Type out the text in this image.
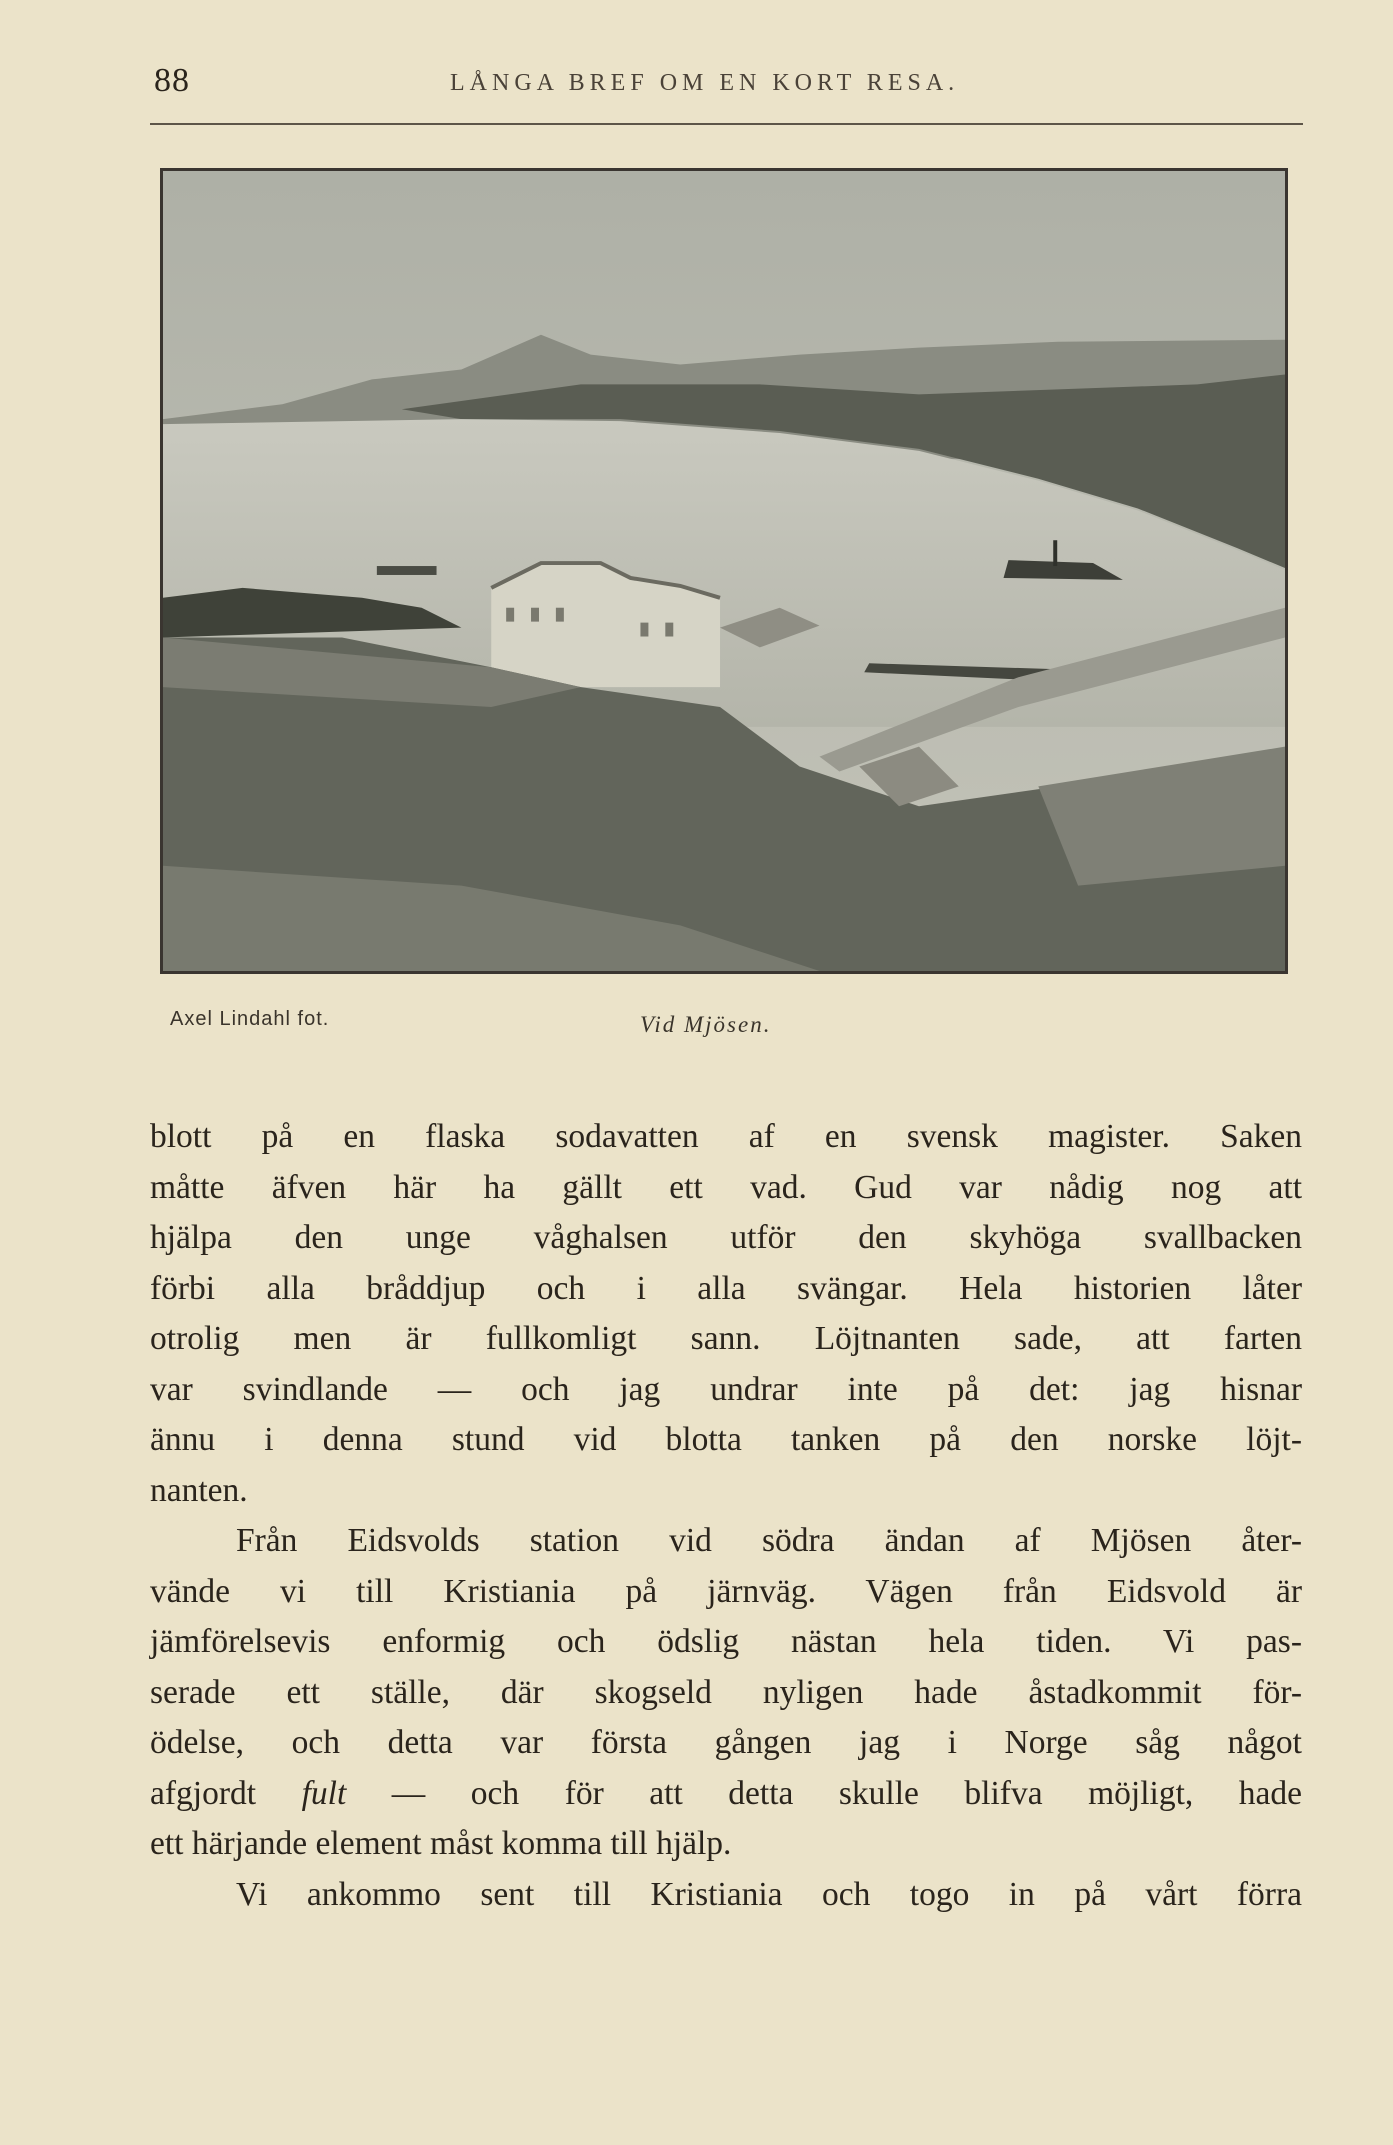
88	LÅNGA BREF OM EN KORT RESA.
Axel Lindahl fot.	Vid Mjösen.
blott på en flaska sodavatten af en svensk magister. Saken
måtte äfven här ha gällt ett vad. Gud var nådig nog att
hjälpa den unge våghalsen utför den skyhöga svallbacken
förbi alla bråddjup och i alla svängar. Hela historien låter
otrolig men är fullkomligt sann. Löjtnanten sade, att farten
var svindlande — och jag undrar inte på det: jag hisnar
ännu i denna stund vid blotta tanken på den norske löjt-
nanten.
Från Eidsvolds station vid södra ändan af Mjösen åter-
vände vi till Kristiania på järnväg. Vägen från Eidsvold är
jämförelsevis enformig och ödslig nästan hela tiden. Vi pas-
serade ett ställe, där skogseld nyligen hade åstadkommit för-
ödelse, och detta var första gången jag i Norge såg något
afgjordt fult — och för att detta skulle blifva möjligt, hade
ett härjande element måst komma till hjälp.
Vi ankommo sent till Kristiania och togo in på vårt förra
